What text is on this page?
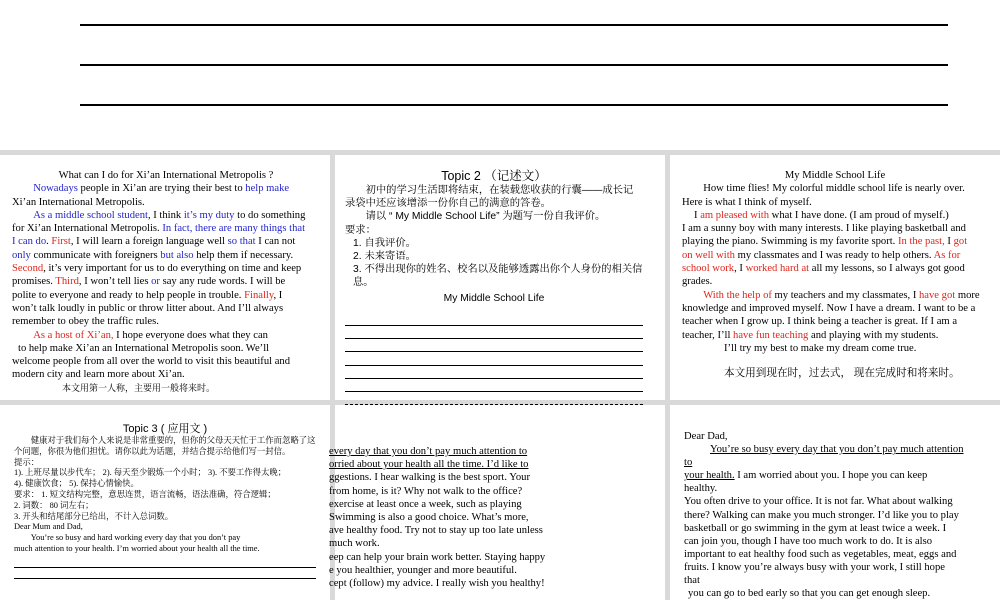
What can I do for Xi’an International Metropolis ?

Nowadays people in Xi’an are trying their best to help make

Xi’an International Metropolis.

As a middle school student, I think it’s my duty to do something

for Xi’an International Metropolis. In fact, there are many things that

I can do. First, I will learn a foreign language well so that I can not

only communicate with foreigners but also help them if necessary.

Second, it’s very important for us to do everything on time and keep

promises. Third, I won’t tell lies or say any rude words. I will be

polite to everyone and ready to help people in trouble. Finally, I

won’t talk loudly in public or throw litter about. And I’ll always

remember to obey the traffic rules.

As a host of Xi’an, I hope everyone does what they can

to help make Xi’an an International Metropolis soon. We’ll

welcome people from all over the world to visit this beautiful and

modern city and learn more about Xi’an.

本文用第一人称，主要用一般将来时。

Topic 2 （记述文）

初中的学习生活即将结束，在装载您收获的行囊——成长记录袋中还应该增添一份你自己的满意的答卷。

请以 “ My Middle School Life” 为题写一份自我评价。

要求：

1. 自我评价。

2. 未来寄语。

3. 不得出现你的姓名、校名以及能够透露出你个人身份的相关信息。

My Middle School Life

My Middle School Life

How time flies! My colorful middle school life is nearly over.

Here is what I think of myself.

I am pleased with what I have done. (I am proud of myself.)

I am a sunny boy with many interests. I like playing basketball and

playing the piano. Swimming is my favorite sport. In the past, I got

on well with my classmates and I was ready to help others. As for

school work, I worked hard at all my lessons, so I always got good

grades.

With the help of my teachers and my classmates, I have got more

knowledge and improved myself. Now I have a dream. I want to be a

teacher when I grow up. I think being a teacher is great. If I am a

teacher, I’ll have fun teaching and playing with my students.

I’ll try my best to make my dream come true.

本文用到现在时，过去式， 现在完成时和将来时。

Topic 3 ( 应用文 )

健康对于我们每个人来说是非常重要的，但你的父母天天忙于工作而忽略了这个问题，你很为他们担忧。请你以此为话题，并结合提示给他们写一封信。

提示：

1). 上班尽量以步代车； 2). 每天至少锻炼一个小时； 3). 不要工作得太晚；

4). 健康饮食； 5). 保持心情愉快。

要求： 1. 短文结构完整，意思连贯，语言流畅，语法准确，符合逻辑；

2. 词数： 80 词左右；

3. 开头和结尾部分已给出，不计入总词数。

Dear Mum and Dad,

You’re so busy and hard working every day that you don’t pay

much attention to your health. I’m worried about your health all the time.

every day that you don’t pay much attention to
orried about your health all the time. I’d like to
ggestions. I hear walking is the best sport. Your
from home, is it? Why not walk to the office?
exercise at least once a week, such as playing
Swimming is also a good choice. What’s more,
ave healthy food. Try not to stay up too late unless
much work.
eep can help your brain work better. Staying happy
e you healthier, younger and more beautiful.
cept (follow) my advice. I really wish you healthy!

Dear Dad,

You’re so busy every day that you don’t pay much attention

to

your health. I am worried about you. I hope you can keep

healthy.

You often drive to your office. It is not far. What about walking

there? Walking can make you much stronger. I’d like you to play

basketball or go swimming in the gym at least twice a week. I

can join you, though I have too much work to do. It is also

important to eat healthy food such as vegetables, meat, eggs and

fruits. I know you’re always busy with your work, I still hope

that

you can go to bed early so that you can get enough sleep.
